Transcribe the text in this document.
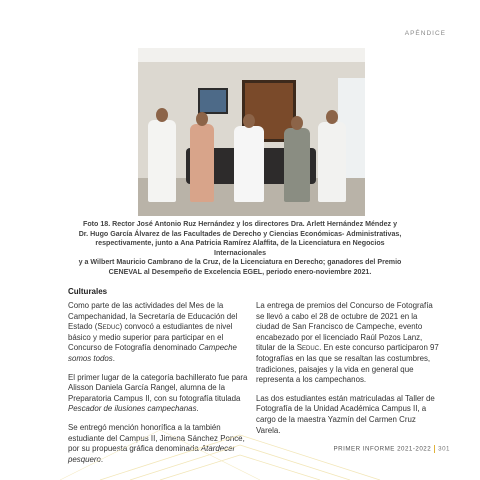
APÉNDICE
Foto 18. Rector José Antonio Ruz Hernández y los directores Dra. Arlett Hernández Méndez y
Dr. Hugo García Álvarez de las Facultades de Derecho y Ciencias Económicas- Administrativas,
respectivamente, junto a Ana Patricia Ramírez Alaffita, de la Licenciatura en Negocios Internacionales
y a Wilbert Mauricio Cambrano de la Cruz, de la Licenciatura en Derecho; ganadores del Premio
CENEVAL al Desempeño de Excelencia EGEL, periodo enero-noviembre 2021.
Culturales

Como parte de las actividades del Mes de la Campechanidad, la Secretaría de Educación del Estado (Seduc) convocó a estudiantes de nivel básico y medio superior para participar en el Concurso de Fotografía denominado Campeche somos todos.

El primer lugar de la categoría bachillerato fue para Alisson Daniela García Rangel, alumna de la Preparatoria Campus II, con su fotografía titulada Pescador de ilusiones campechanas.

Se entregó mención honorífica a la también estudiante del Campus II, Jimena Sánchez Ponce, por su propuesta gráfica denominada Atardecer pesquero.

La entrega de premios del Concurso de Fotografía se llevó a cabo el 28 de octubre de 2021 en la ciudad de San Francisco de Campeche, evento encabezado por el licenciado Raúl Pozos Lanz, titular de la Seduc. En este concurso participaron 97 fotografías en las que se resaltan las costumbres, tradiciones, paisajes y la vida en general que representa a los campechanos.

Las dos estudiantes están matriculadas al Taller de Fotografía de la Unidad Académica Campus II, a cargo de la maestra Yazmín del Carmen Cruz Varela.

PRIMER INFORME 2021-2022 301
